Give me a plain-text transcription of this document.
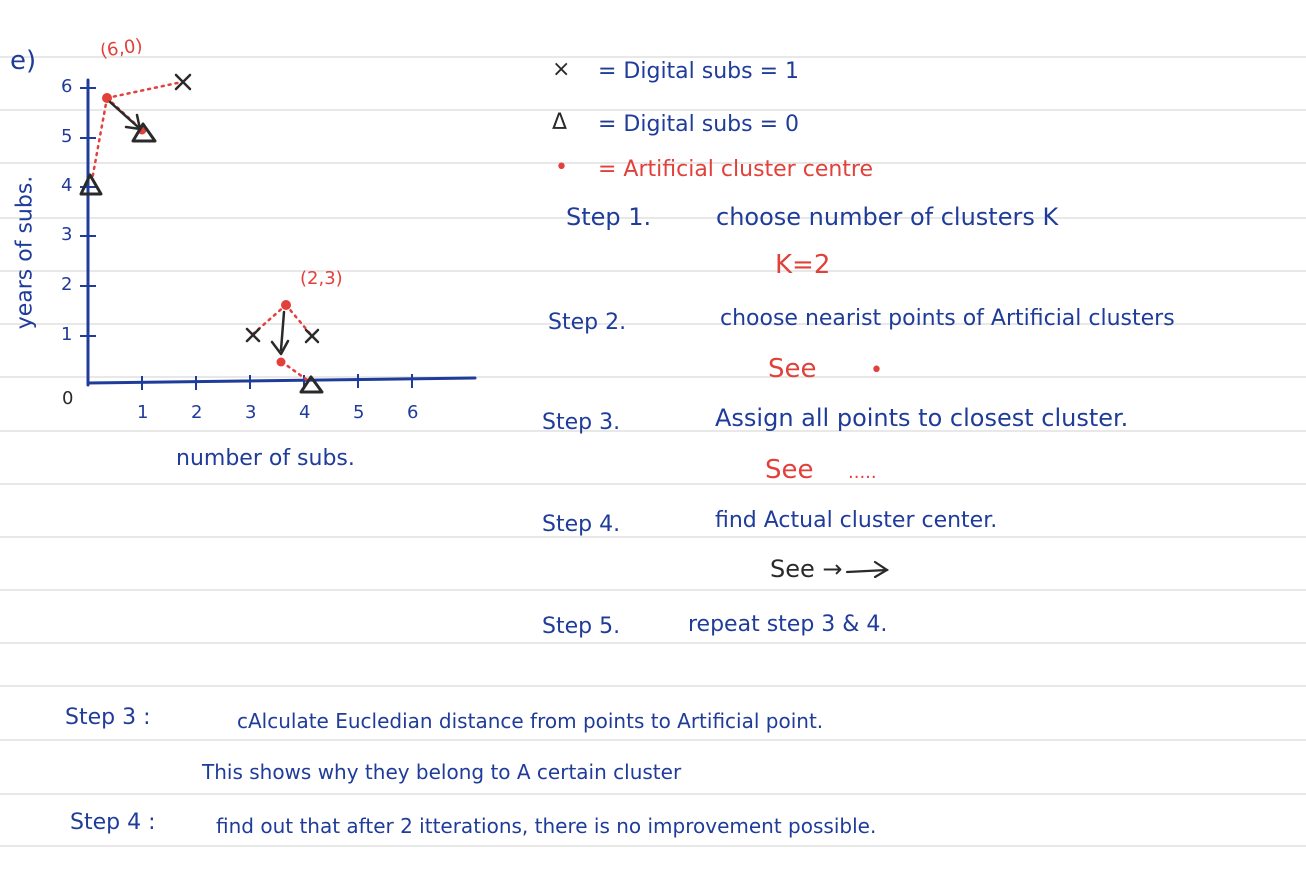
e)	(6,0)
(2,3)
years of subs.
6
5
4
3
2
1
0
1 2 3 4 5 6
number of subs.
× = Digital subs = 1
Δ = Digital subs = 0
• = Artificial cluster centre
Step 1.	choose number of clusters K
K=2
Step 2.	choose nearist points of Artificial clusters
See •
Step 3.	Assign all points to closest cluster.
See .....
Step 4.	find Actual cluster center.
See →
Step 5.	repeat step 3 & 4.
Step 3 :	cAlculate Eucledian distance from points to Artificial point.
This shows why they belong to A certain cluster
Step 4 :	find out that after 2 itterations, there is no improvement possible.
